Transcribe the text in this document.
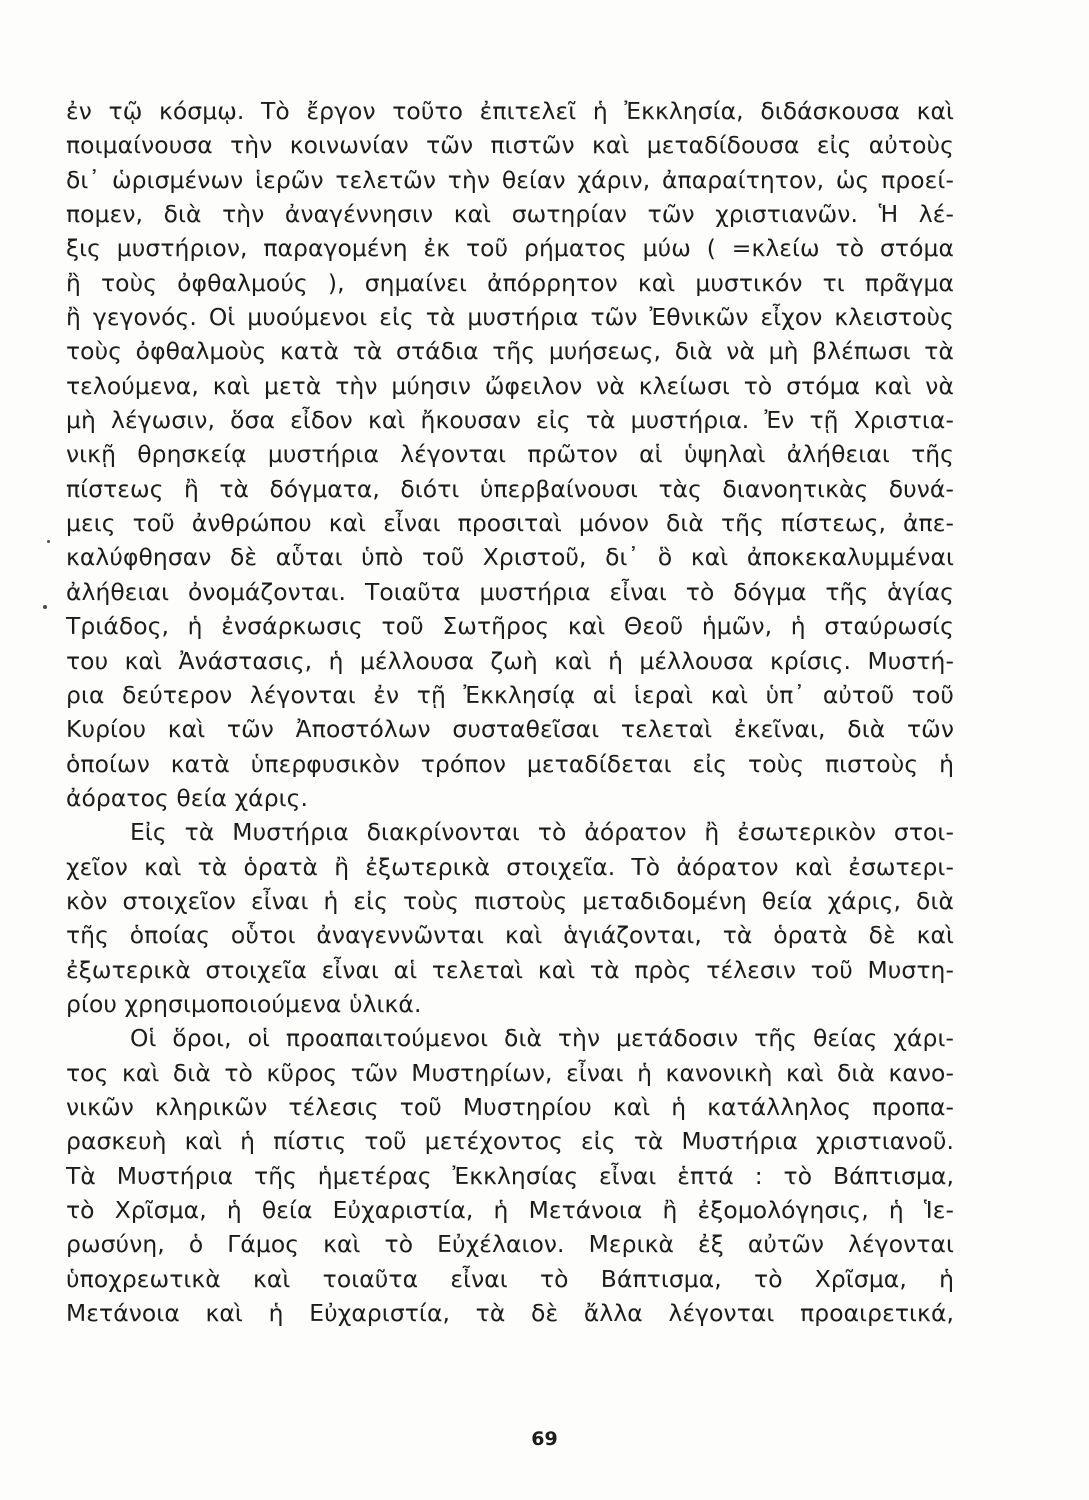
ἐν τῷ κόσμῳ. Τὸ ἔργον τοῦτο ἐπιτελεῖ ἡ Ἐκκλησία, διδάσκουσα καὶ
ποιμαίνουσα τὴν κοινωνίαν τῶν πιστῶν καὶ μεταδίδουσα εἰς αὐτοὺς
δι᾿ ὡρισμένων ἱερῶν τελετῶν τὴν θείαν χάριν, ἀπαραίτητον, ὡς προεί-
πομεν, διὰ τὴν ἀναγέννησιν καὶ σωτηρίαν τῶν χριστιανῶν. Ἡ λέ-
ξις μυστήριον, παραγομένη ἐκ τοῦ ρήματος μύω ( =κλείω τὸ στόμα
ἢ τοὺς ὀφθαλμούς ), σημαίνει ἀπόρρητον καὶ μυστικόν τι πρᾶγμα
ἢ γεγονός. Οἱ μυούμενοι εἰς τὰ μυστήρια τῶν Ἐθνικῶν εἶχον κλειστοὺς
τοὺς ὀφθαλμοὺς κατὰ τὰ στάδια τῆς μυήσεως, διὰ νὰ μὴ βλέπωσι τὰ
τελούμενα, καὶ μετὰ τὴν μύησιν ὤφειλον νὰ κλείωσι τὸ στόμα καὶ νὰ
μὴ λέγωσιν, ὅσα εἶδον καὶ ἤκουσαν εἰς τὰ μυστήρια. Ἐν τῇ Χριστια-
νικῇ θρησκείᾳ μυστήρια λέγονται πρῶτον αἱ ὑψηλαὶ ἀλήθειαι τῆς
πίστεως ἢ τὰ δόγματα, διότι ὑπερβαίνουσι τὰς διανοητικὰς δυνά-
μεις τοῦ ἀνθρώπου καὶ εἶναι προσιταὶ μόνον διὰ τῆς πίστεως, ἀπε-
καλύφθησαν δὲ αὗται ὑπὸ τοῦ Χριστοῦ, δι᾿ ὃ καὶ ἀποκεκαλυμμέναι
ἀλήθειαι ὀνομάζονται. Τοιαῦτα μυστήρια εἶναι τὸ δόγμα τῆς ἁγίας
Τριάδος, ἡ ἐνσάρκωσις τοῦ Σωτῆρος καὶ Θεοῦ ἡμῶν, ἡ σταύρωσίς
του καὶ Ἀνάστασις, ἡ μέλλουσα ζωὴ καὶ ἡ μέλλουσα κρίσις. Μυστή-
ρια δεύτερον λέγονται ἐν τῇ Ἐκκλησίᾳ αἱ ἱεραὶ καὶ ὑπ᾿ αὐτοῦ τοῦ
Κυρίου καὶ τῶν Ἀποστόλων συσταθεῖσαι τελεταὶ ἐκεῖναι, διὰ τῶν
ὁποίων κατὰ ὑπερφυσικὸν τρόπον μεταδίδεται εἰς τοὺς πιστοὺς ἡ
ἀόρατος θεία χάρις.
Εἰς τὰ Μυστήρια διακρίνονται τὸ ἀόρατον ἢ ἐσωτερικὸν στοι-
χεῖον καὶ τὰ ὁρατὰ ἢ ἐξωτερικὰ στοιχεῖα. Τὸ ἀόρατον καὶ ἐσωτερι-
κὸν στοιχεῖον εἶναι ἡ εἰς τοὺς πιστοὺς μεταδιδομένη θεία χάρις, διὰ
τῆς ὁποίας οὗτοι ἀναγεννῶνται καὶ ἁγιάζονται, τὰ ὁρατὰ δὲ καὶ
ἐξωτερικὰ στοιχεῖα εἶναι αἱ τελεταὶ καὶ τὰ πρὸς τέλεσιν τοῦ Μυστη-
ρίου χρησιμοποιούμενα ὑλικά.
Οἱ ὅροι, οἱ προαπαιτούμενοι διὰ τὴν μετάδοσιν τῆς θείας χάρι-
τος καὶ διὰ τὸ κῦρος τῶν Μυστηρίων, εἶναι ἡ κανονικὴ καὶ διὰ κανο-
νικῶν κληρικῶν τέλεσις τοῦ Μυστηρίου καὶ ἡ κατάλληλος προπα-
ρασκευὴ καὶ ἡ πίστις τοῦ μετέχοντος εἰς τὰ Μυστήρια χριστιανοῦ.
Τὰ Μυστήρια τῆς ἡμετέρας Ἐκκλησίας εἶναι ἑπτά : τὸ Βάπτισμα,
τὸ Χρῖσμα, ἡ θεία Εὐχαριστία, ἡ Μετάνοια ἢ ἐξομολόγησις, ἡ Ἱε-
ρωσύνη, ὁ Γάμος καὶ τὸ Εὐχέλαιον. Μερικὰ ἐξ αὐτῶν λέγονται
ὑποχρεωτικὰ καὶ τοιαῦτα εἶναι τὸ Βάπτισμα, τὸ Χρῖσμα, ἡ
Μετάνοια καὶ ἡ Εὐχαριστία, τὰ δὲ ἄλλα λέγονται προαιρετικά,
69
